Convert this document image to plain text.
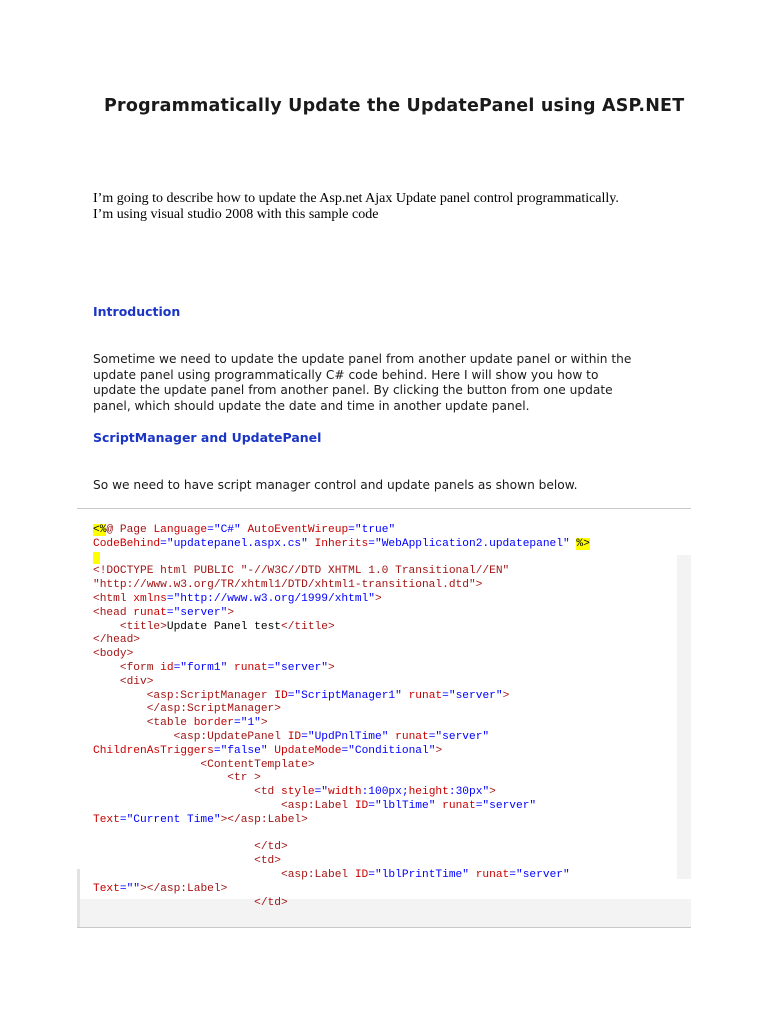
Programmatically Update the UpdatePanel using ASP.NET
I’m going to describe how to update the Asp.net Ajax Update panel control programmatically.
I’m using visual studio 2008 with this sample code
Introduction
Sometime we need to update the update panel from another update panel or within the
update panel using programmatically C# code behind. Here I will show you how to
update the update panel from another panel. By clicking the button from one update
panel, which should update the date and time in another update panel.
ScriptManager and UpdatePanel
So we need to have script manager control and update panels as shown below.
<%@ Page Language="C#" AutoEventWireup="true"
CodeBehind="updatepanel.aspx.cs" Inherits="WebApplication2.updatepanel" %>

<!DOCTYPE html PUBLIC "-//W3C//DTD XHTML 1.0 Transitional//EN"
"http://www.w3.org/TR/xhtml1/DTD/xhtml1-transitional.dtd">
<html xmlns="http://www.w3.org/1999/xhtml">
<head runat="server">
<title>Update Panel test</title>
</head>
<body>
<form id="form1" runat="server">
<div>
<asp:ScriptManager ID="ScriptManager1" runat="server">
</asp:ScriptManager>
<table border="1">
<asp:UpdatePanel ID="UpdPnlTime" runat="server"
ChildrenAsTriggers="false" UpdateMode="Conditional">
<ContentTemplate>
<tr >
<td style="width:100px;height:30px">
<asp:Label ID="lblTime" runat="server"
Text="Current Time"></asp:Label>
</td>
<td>
<asp:Label ID="lblPrintTime" runat="server"
Text=""></asp:Label>
</td>
